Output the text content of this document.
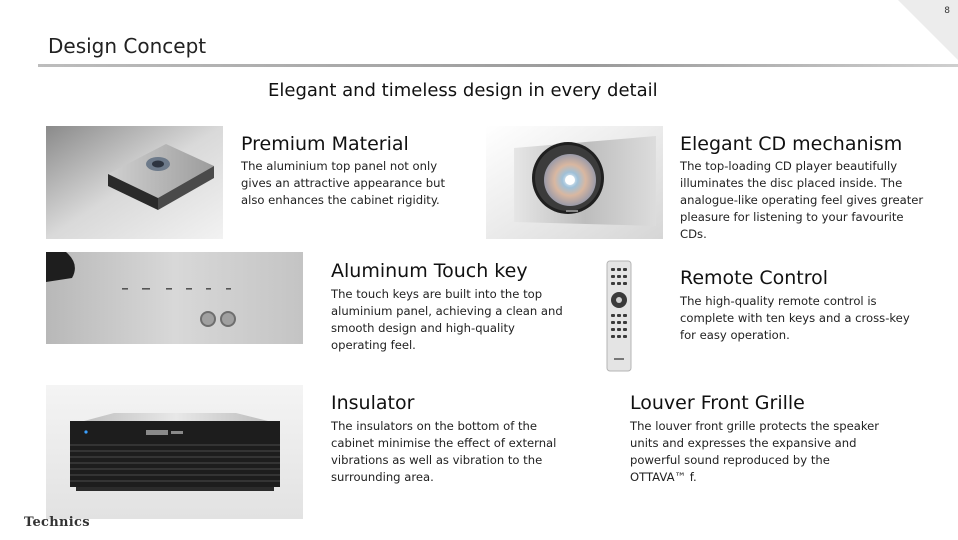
8
Design Concept
Elegant and timeless design in every detail
Premium Material
The aluminium top panel not only gives an attractive appearance but also enhances the cabinet rigidity.
Elegant CD mechanism
The top-loading CD player beautifully illuminates the disc placed inside. The analogue-like operating feel gives greater pleasure for listening to your favourite CDs.
Aluminum Touch key
The touch keys are built into the top aluminium panel, achieving a clean and smooth design and high-quality operating feel.
Remote Control
The high-quality remote control is complete with ten keys and a cross-key for easy operation.
Insulator
The insulators on the bottom of the cabinet minimise the effect of external vibrations as well as vibration to the surrounding area.
Louver Front Grille
The louver front grille protects the speaker units and expresses the expansive and powerful sound reproduced by the OTTAVA™ f.
Technics
